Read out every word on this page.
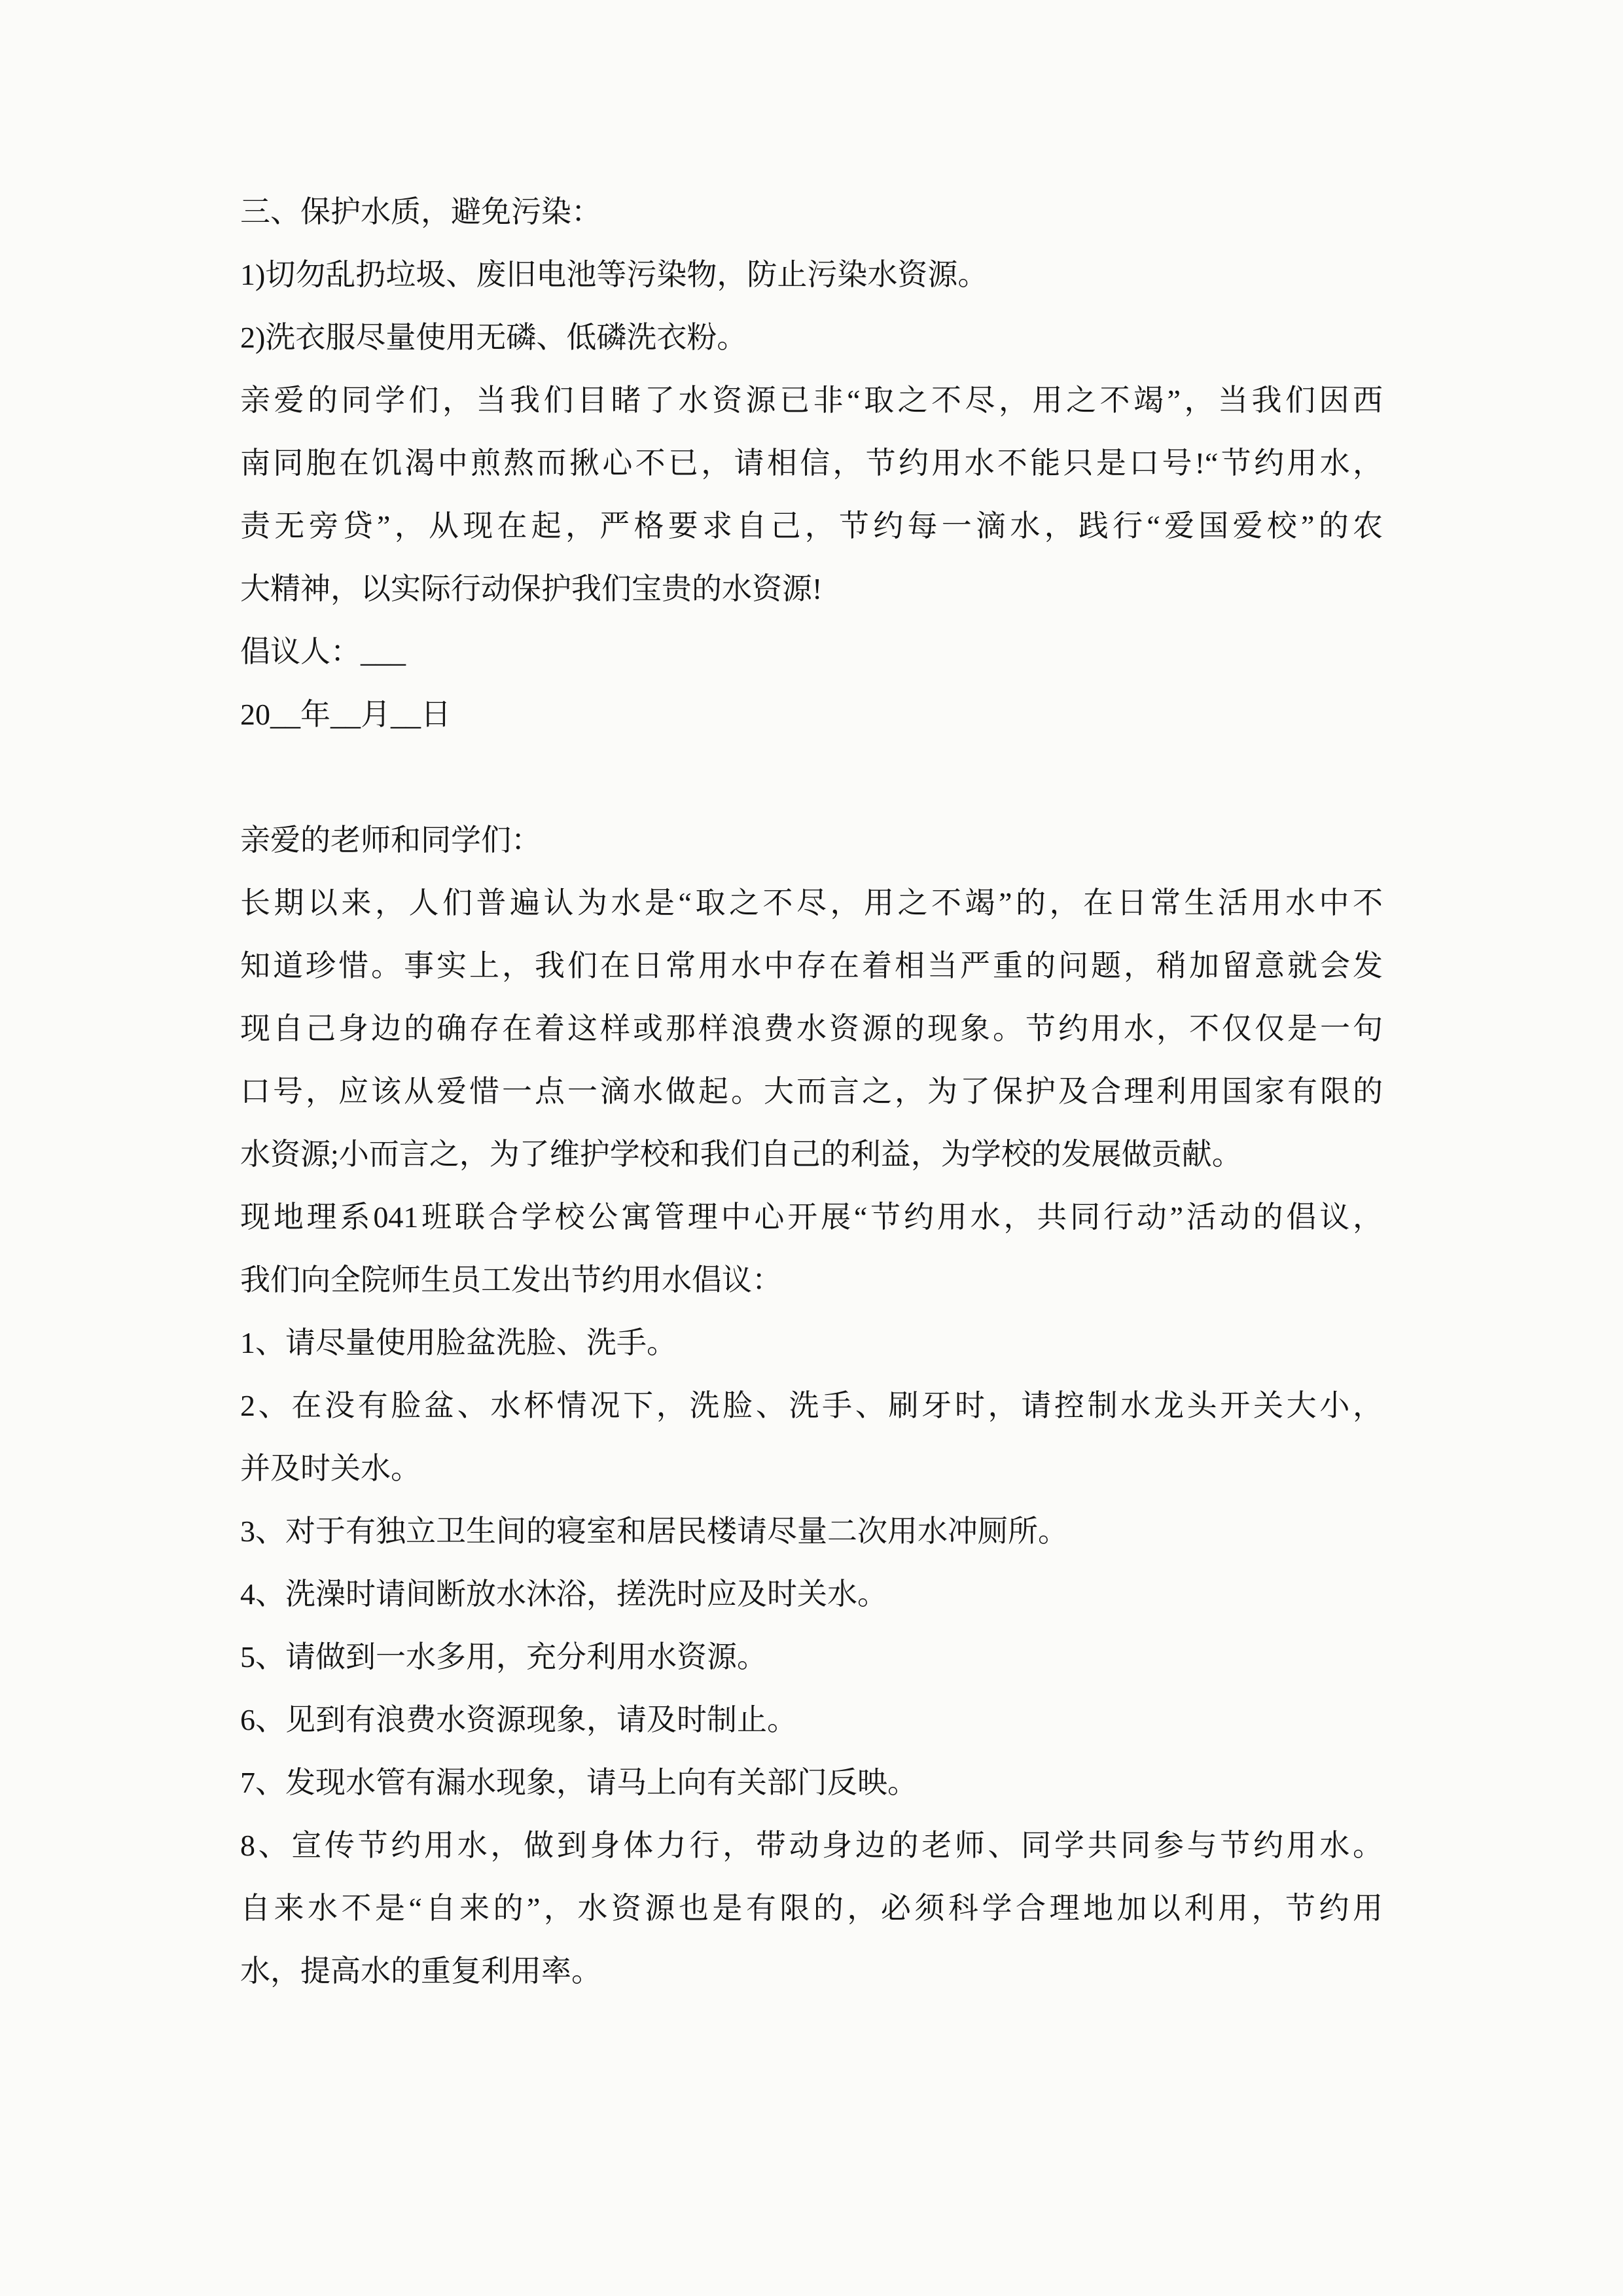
三、保护水质，避免污染：
1)切勿乱扔垃圾、废旧电池等污染物，防止污染水资源。
2)洗衣服尽量使用无磷、低磷洗衣粉。
亲爱的同学们，当我们目睹了水资源已非“取之不尽，用之不竭”，当我们因西
南同胞在饥渴中煎熬而揪心不已，请相信，节约用水不能只是口号!“节约用水，
责无旁贷”，从现在起，严格要求自己，节约每一滴水，践行“爱国爱校”的农
大精神，以实际行动保护我们宝贵的水资源!
倡议人：___
20__年__月__日

亲爱的老师和同学们：
长期以来，人们普遍认为水是“取之不尽，用之不竭”的，在日常生活用水中不
知道珍惜。事实上，我们在日常用水中存在着相当严重的问题，稍加留意就会发
现自己身边的确存在着这样或那样浪费水资源的现象。节约用水，不仅仅是一句
口号，应该从爱惜一点一滴水做起。大而言之，为了保护及合理利用国家有限的
水资源;小而言之，为了维护学校和我们自己的利益，为学校的发展做贡献。
现地理系041班联合学校公寓管理中心开展“节约用水，共同行动”活动的倡议，
我们向全院师生员工发出节约用水倡议：
1、请尽量使用脸盆洗脸、洗手。
2、在没有脸盆、水杯情况下，洗脸、洗手、刷牙时，请控制水龙头开关大小，
并及时关水。
3、对于有独立卫生间的寝室和居民楼请尽量二次用水冲厕所。
4、洗澡时请间断放水沐浴，搓洗时应及时关水。
5、请做到一水多用，充分利用水资源。
6、见到有浪费水资源现象，请及时制止。
7、发现水管有漏水现象，请马上向有关部门反映。
8、宣传节约用水，做到身体力行，带动身边的老师、同学共同参与节约用水。
自来水不是“自来的”，水资源也是有限的，必须科学合理地加以利用，节约用
水，提高水的重复利用率。
